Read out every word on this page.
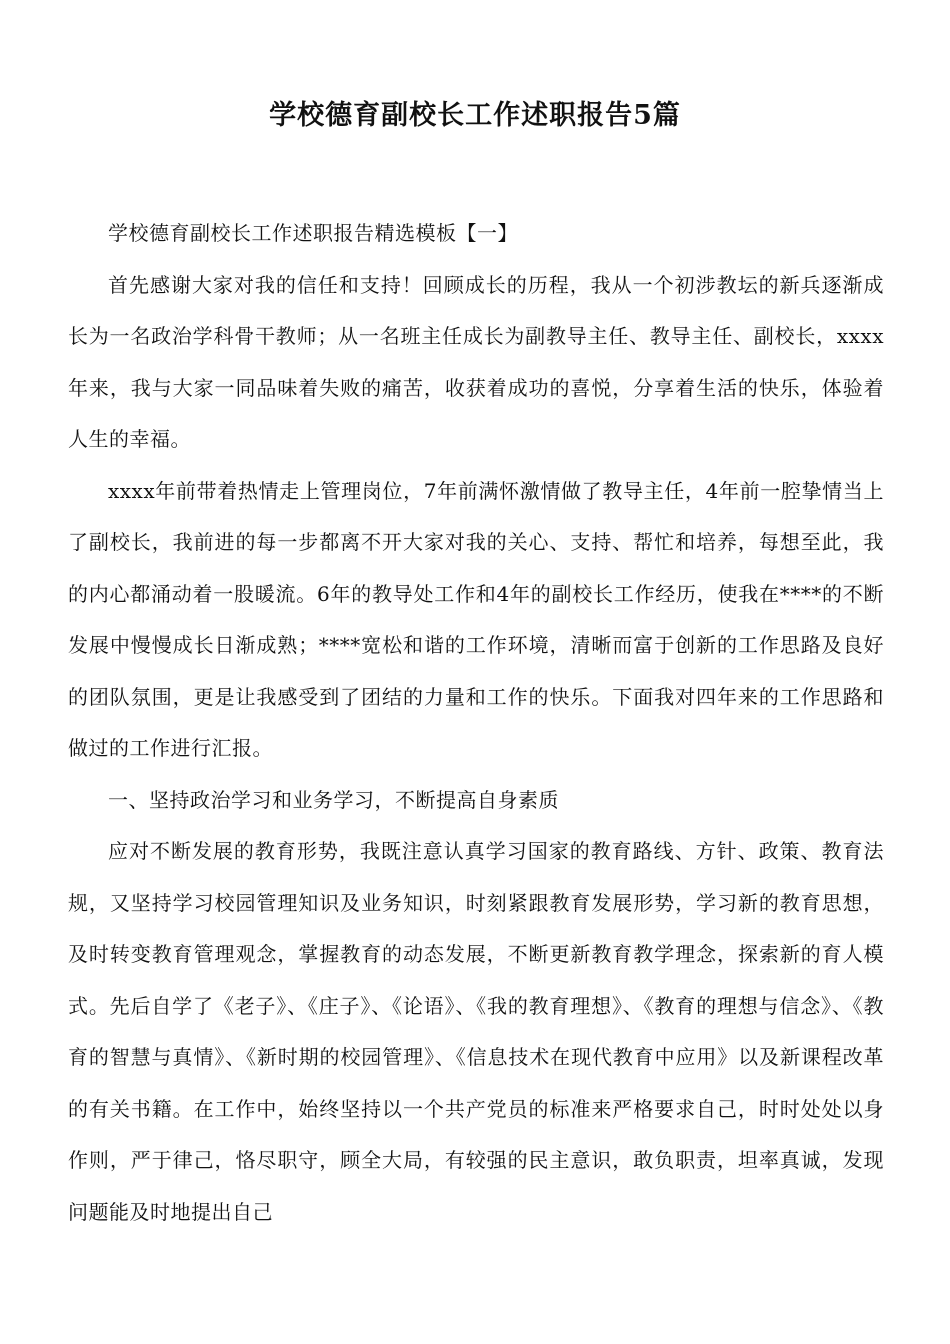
学校德育副校长工作述职报告5篇

学校德育副校长工作述职报告精选模板【一】

首先感谢大家对我的信任和支持！回顾成长的历程，我从一个初涉教坛的新兵逐渐成长为一名政治学科骨干教师；从一名班主任成长为副教导主任、教导主任、副校长，xxxx年来，我与大家一同品味着失败的痛苦，收获着成功的喜悦，分享着生活的快乐，体验着人生的幸福。

xxxx年前带着热情走上管理岗位，7年前满怀激情做了教导主任，4年前一腔挚情当上了副校长，我前进的每一步都离不开大家对我的关心、支持、帮忙和培养，每想至此，我的内心都涌动着一股暖流。6年的教导处工作和4年的副校长工作经历，使我在****的不断发展中慢慢成长日渐成熟；****宽松和谐的工作环境，清晰而富于创新的工作思路及良好的团队氛围，更是让我感受到了团结的力量和工作的快乐。下面我对四年来的工作思路和做过的工作进行汇报。

一、坚持政治学习和业务学习，不断提高自身素质

应对不断发展的教育形势，我既注意认真学习国家的教育路线、方针、政策、教育法规，又坚持学习校园管理知识及业务知识，时刻紧跟教育发展形势，学习新的教育思想，及时转变教育管理观念，掌握教育的动态发展，不断更新教育教学理念，探索新的育人模式。先后自学了《老子》、《庄子》、《论语》、《我的教育理想》、《教育的理想与信念》、《教育的智慧与真情》、《新时期的校园管理》、《信息技术在现代教育中应用》以及新课程改革的有关书籍。在工作中，始终坚持以一个共产党员的标准来严格要求自己，时时处处以身作则，严于律己，恪尽职守，顾全大局，有较强的民主意识，敢负职责，坦率真诚，发现问题能及时地提出自己
